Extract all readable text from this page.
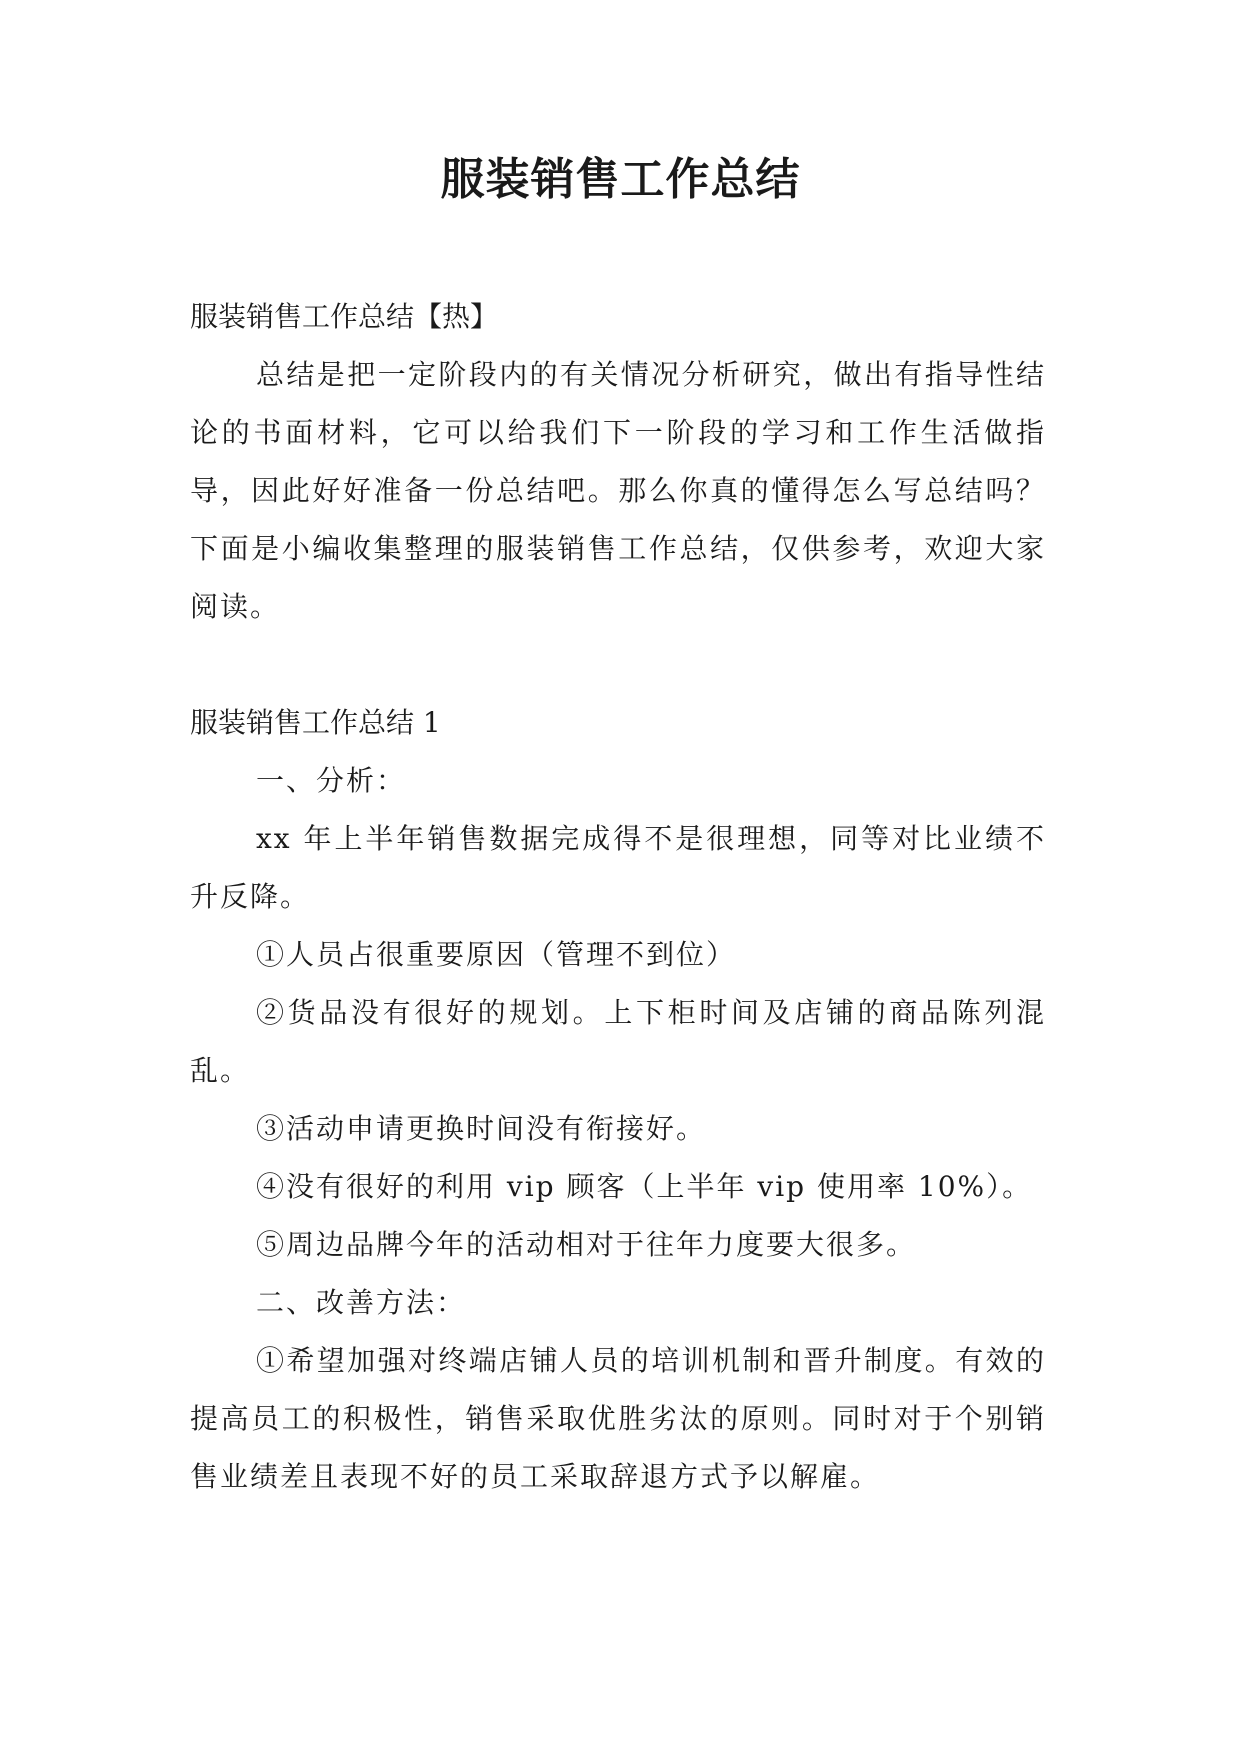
服装销售工作总结

服装销售工作总结【热】

总结是把一定阶段内的有关情况分析研究，做出有指导性结论的书面材料，它可以给我们下一阶段的学习和工作生活做指导，因此好好准备一份总结吧。那么你真的懂得怎么写总结吗？下面是小编收集整理的服装销售工作总结，仅供参考，欢迎大家阅读。

服装销售工作总结 1

一、分析：

xx 年上半年销售数据完成得不是很理想，同等对比业绩不升反降。

①人员占很重要原因（管理不到位）

②货品没有很好的规划。上下柜时间及店铺的商品陈列混乱。

③活动申请更换时间没有衔接好。

④没有很好的利用 vip 顾客（上半年 vip 使用率 10%）。

⑤周边品牌今年的活动相对于往年力度要大很多。

二、改善方法：

①希望加强对终端店铺人员的培训机制和晋升制度。有效的提高员工的积极性，销售采取优胜劣汰的原则。同时对于个别销售业绩差且表现不好的员工采取辞退方式予以解雇。
